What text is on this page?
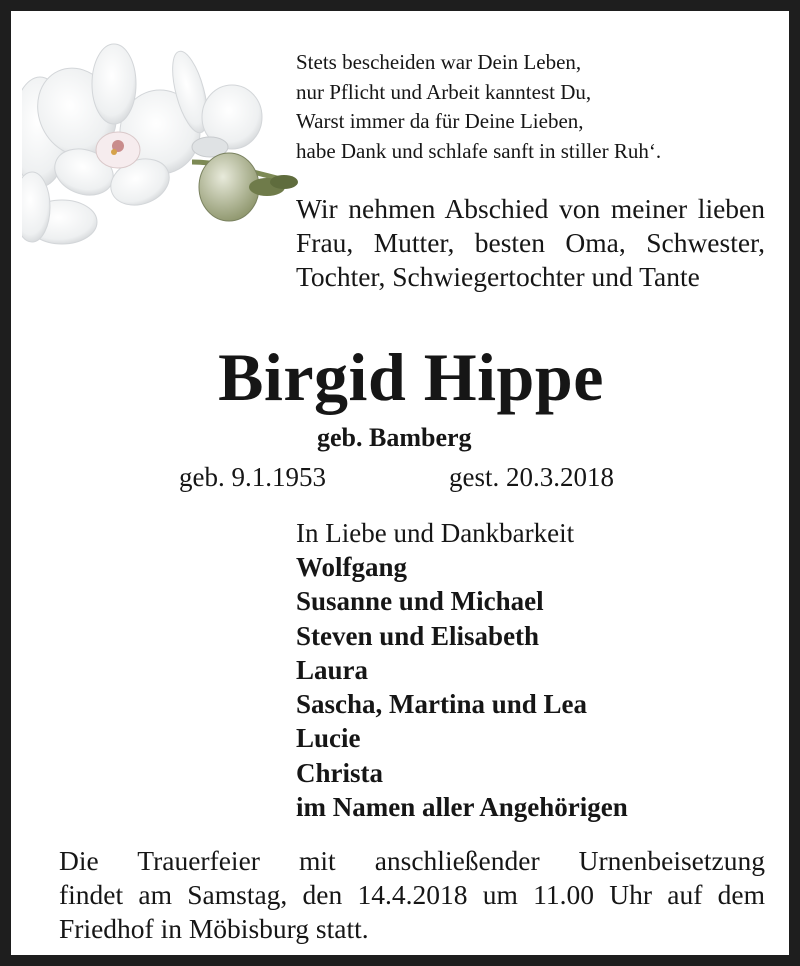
Stets bescheiden war Dein Leben,
nur Pflicht und Arbeit kanntest Du,
Warst immer da für Deine Lieben,
habe Dank und schlafe sanft in stiller Ruh‘.
Wir nehmen Abschied von meiner lieben Frau, Mutter, besten Oma, Schwester, Tochter, Schwiegertochter und Tante
Birgid Hippe
geb. Bamberg
geb. 9.1.1953	gest. 20.3.2018
In Liebe und Dankbarkeit
Wolfgang
Susanne und Michael
Steven und Elisabeth
Laura
Sascha, Martina und Lea
Lucie
Christa
im Namen aller Angehörigen
Die Trauerfeier mit anschließender Urnenbeisetzung
findet am Samstag, den 14.4.2018 um 11.00 Uhr auf dem
Friedhof in Möbisburg statt.
